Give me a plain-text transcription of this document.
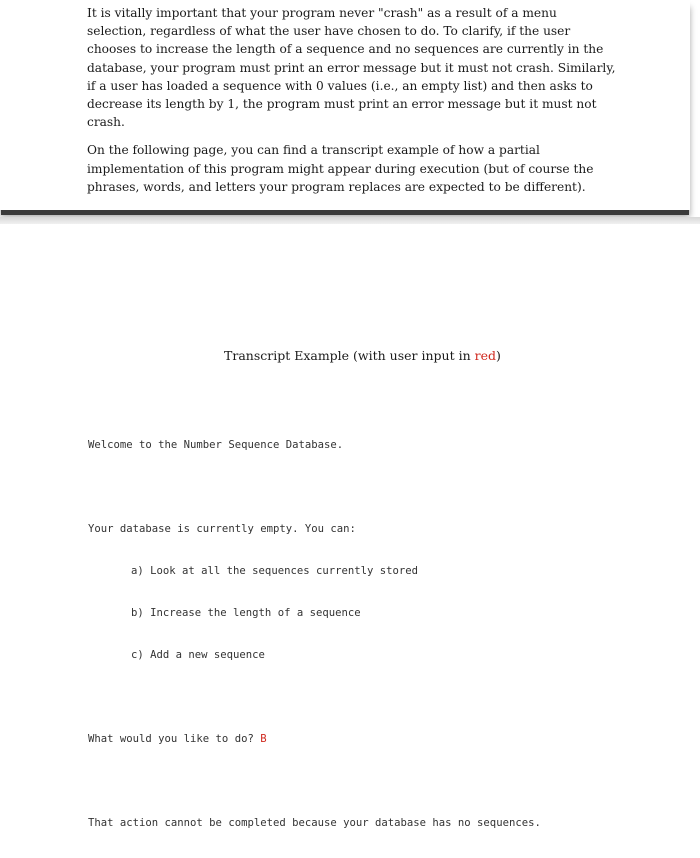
It is vitally important that your program never "crash" as a result of a menu selection, regardless of what the user have chosen to do. To clarify, if the user chooses to increase the length of a sequence and no sequences are currently in the database, your program must print an error message but it must not crash. Similarly, if a user has loaded a sequence with 0 values (i.e., an empty list) and then asks to decrease its length by 1, the program must print an error message but it must not crash.

On the following page, you can find a transcript example of how a partial implementation of this program might appear during execution (but of course the phrases, words, and letters your program replaces are expected to be different).

Transcript Example (with user input in red)

Welcome to the Number Sequence Database.

Your database is currently empty. You can:

a) Look at all the sequences currently stored

b) Increase the length of a sequence

c) Add a new sequence

What would you like to do? B

That action cannot be completed because your database has no sequences.
